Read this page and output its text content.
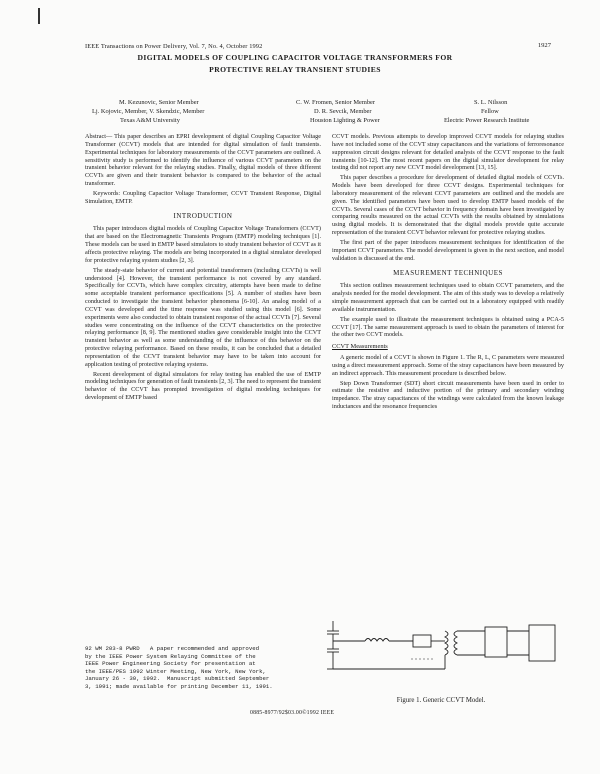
IEEE Transactions on Power Delivery, Vol. 7, No. 4, October 1992	1927
DIGITAL MODELS OF COUPLING CAPACITOR VOLTAGE TRANSFORMERS FOR
PROTECTIVE RELAY TRANSIENT STUDIES
M. Kezunovic, Senior Member
Lj. Kojovic, Member, V. Skendzic, Member
Texas A&M University
C. W. Fromen, Senior Member
D. R. Sevcik, Member
Houston Lighting & Power
S. L. Nilsson
Fellow
Electric Power Research Institute

Abstract— This paper describes an EPRI development of digital Coupling Capacitor Voltage Transformer (CCVT) models that are intended for digital simulation of fault transients. Experimental techniques for laboratory measurements of the CCVT parameters are outlined. A sensitivity study is performed to identify the influence of various CCVT parameters on the transient behavior relevant for the relaying studies. Finally, digital models of three different CCVTs are given and their transient behavior is compared to the behavior of the actual transformer.

Keywords: Coupling Capacitor Voltage Transformer, CCVT Transient Response, Digital Simulation, EMTP.

INTRODUCTION

This paper introduces digital models of Coupling Capacitor Voltage Transformers (CCVT) that are based on the Electromagnetic Transients Program (EMTP) modeling techniques [1]. These models can be used in EMTP based simulators to study transient behavior of CCVT as it affects protective relaying. The models are being incorporated in a digital simulator developed for protective relaying system studies [2, 3].

The steady-state behavior of current and potential transformers (including CCVTs) is well understood [4]. However, the transient performance is not covered by any standard. Specifically for CCVTs, which have complex circuitry, attempts have been made to define some acceptable transient performance specifications [5]. A number of studies have been conducted to investigate the transient behavior phenomena [6-10]. An analog model of a CCVT was developed and the time response was studied using this model [6]. Some experiments were also conducted to obtain transient response of the actual CCVTs [7]. Several studies were concentrating on the influence of the CCVT characteristics on the protective relaying performance [8, 9]. The mentioned studies gave considerable insight into the CCVT transient behavior as well as some understanding of the influence of this behavior on the protective relaying performance. Based on these results, it can be concluded that a detailed representation of the CCVT transient behavior may have to be taken into account for application testing of protective relaying systems.

Recent development of digital simulators for relay testing has enabled the use of EMTP modeling techniques for generation of fault transients [2, 3]. The need to represent the transient behavior of the CCVT has prompted investigation of digital modeling techniques for development of EMTP based

92 WM 203-8 PWRD   A paper recommended and approved
by the IEEE Power System Relaying Committee of the
IEEE Power Engineering Society for presentation at
the IEEE/PES 1992 Winter Meeting, New York, New York,
January 26 - 30, 1992.  Manuscript submitted September
3, 1991; made available for printing December 11, 1991.

CCVT models. Previous attempts to develop improved CCVT models for relaying studies have not included some of the CCVT stray capacitances and the variations of ferroresonance suppression circuit designs relevant for detailed analysis of the CCVT response to the fault transients [10-12]. The most recent papers on the digital simulator development for relay testing did not report any new CCVT model development [13, 15].

This paper describes a procedure for development of detailed digital models of CCVTs. Models have been developed for three CCVT designs. Experimental techniques for laboratory measurement of the relevant CCVT parameters are outlined and the models are given. The identified parameters have been used to develop EMTP based models of the CCVTs. Several cases of the CCVT behavior in frequency domain have been investigated by comparing results measured on the actual CCVTs with the results obtained by simulations using digital models. It is demonstrated that the digital models provide quite accurate representation of the transient CCVT behavior relevant for protective relaying studies.

The first part of the paper introduces measurement techniques for identification of the important CCVT parameters. The model development is given in the next section, and model validation is discussed at the end.

MEASUREMENT TECHNIQUES

This section outlines measurement techniques used to obtain CCVT parameters, and the analysis needed for the model development. The aim of this study was to develop a relatively simple measurement approach that can be carried out in a laboratory equipped with readily available instrumentation.

The example used to illustrate the measurement techniques is obtained using a PCA-5 CCVT [17]. The same measurement approach is used to obtain the parameters of interest for the other two CCVT models.

CCVT Measurements

A generic model of a CCVT is shown in Figure 1. The R, L, C parameters were measured using a direct measurement approach. Some of the stray capacitances have been measured by an indirect approach. This measurement procedure is described below.

Step Down Transformer (SDT) short circuit measurements have been used in order to estimate the resistive and inductive portion of the primary and secondary winding impedance. The stray capacitances of the windings were calculated from the known leakage inductances and the resonance frequencies

Figure 1. Generic CCVT Model.
0885-8977/92$03.00©1992 IEEE
